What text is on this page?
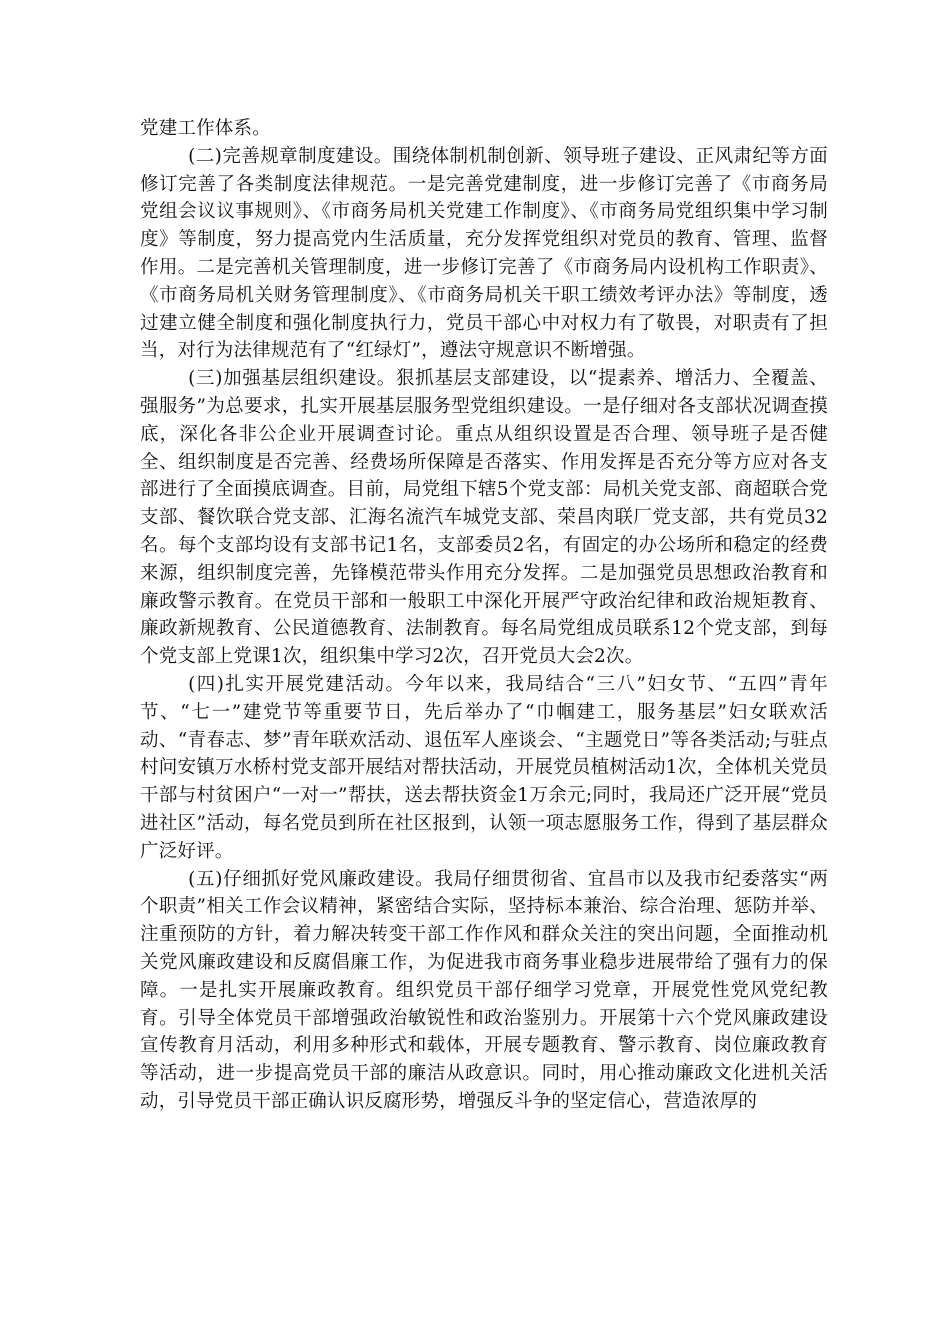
党建工作体系。

(二)完善规章制度建设。围绕体制机制创新、领导班子建设、正风肃纪等方面修订完善了各类制度法律规范。一是完善党建制度，进一步修订完善了《市商务局党组会议议事规则》、《市商务局机关党建工作制度》、《市商务局党组织集中学习制度》等制度，努力提高党内生活质量，充分发挥党组织对党员的教育、管理、监督作用。二是完善机关管理制度，进一步修订完善了《市商务局内设机构工作职责》、《市商务局机关财务管理制度》、《市商务局机关干职工绩效考评办法》等制度，透过建立健全制度和强化制度执行力，党员干部心中对权力有了敬畏，对职责有了担当，对行为法律规范有了“红绿灯”，遵法守规意识不断增强。

(三)加强基层组织建设。狠抓基层支部建设，以“提素养、增活力、全覆盖、强服务”为总要求，扎实开展基层服务型党组织建设。一是仔细对各支部状况调查摸底，深化各非公企业开展调查讨论。重点从组织设置是否合理、领导班子是否健全、组织制度是否完善、经费场所保障是否落实、作用发挥是否充分等方应对各支部进行了全面摸底调查。目前，局党组下辖5个党支部：局机关党支部、商超联合党支部、餐饮联合党支部、汇海名流汽车城党支部、荣昌肉联厂党支部，共有党员32名。每个支部均设有支部书记1名，支部委员2名，有固定的办公场所和稳定的经费来源，组织制度完善，先锋模范带头作用充分发挥。二是加强党员思想政治教育和廉政警示教育。在党员干部和一般职工中深化开展严守政治纪律和政治规矩教育、廉政新规教育、公民道德教育、法制教育。每名局党组成员联系12个党支部，到每个党支部上党课1次，组织集中学习2次，召开党员大会2次。

(四)扎实开展党建活动。今年以来，我局结合“三八”妇女节、“五四”青年节、“七一”建党节等重要节日，先后举办了“巾帼建工，服务基层”妇女联欢活动、“青春志、梦”青年联欢活动、退伍军人座谈会、“主题党日”等各类活动;与驻点村问安镇万水桥村党支部开展结对帮扶活动，开展党员植树活动1次，全体机关党员干部与村贫困户“一对一”帮扶，送去帮扶资金1万余元;同时，我局还广泛开展“党员进社区”活动，每名党员到所在社区报到，认领一项志愿服务工作，得到了基层群众广泛好评。

(五)仔细抓好党风廉政建设。我局仔细贯彻省、宜昌市以及我市纪委落实“两个职责”相关工作会议精神，紧密结合实际，坚持标本兼治、综合治理、惩防并举、注重预防的方针，着力解决转变干部工作作风和群众关注的突出问题，全面推动机关党风廉政建设和反腐倡廉工作，为促进我市商务事业稳步进展带给了强有力的保障。一是扎实开展廉政教育。组织党员干部仔细学习党章，开展党性党风党纪教育。引导全体党员干部增强政治敏锐性和政治鉴别力。开展第十六个党风廉政建设宣传教育月活动，利用多种形式和载体，开展专题教育、警示教育、岗位廉政教育等活动，进一步提高党员干部的廉洁从政意识。同时，用心推动廉政文化进机关活动，引导党员干部正确认识反腐形势，增强反斗争的坚定信心，营造浓厚的
